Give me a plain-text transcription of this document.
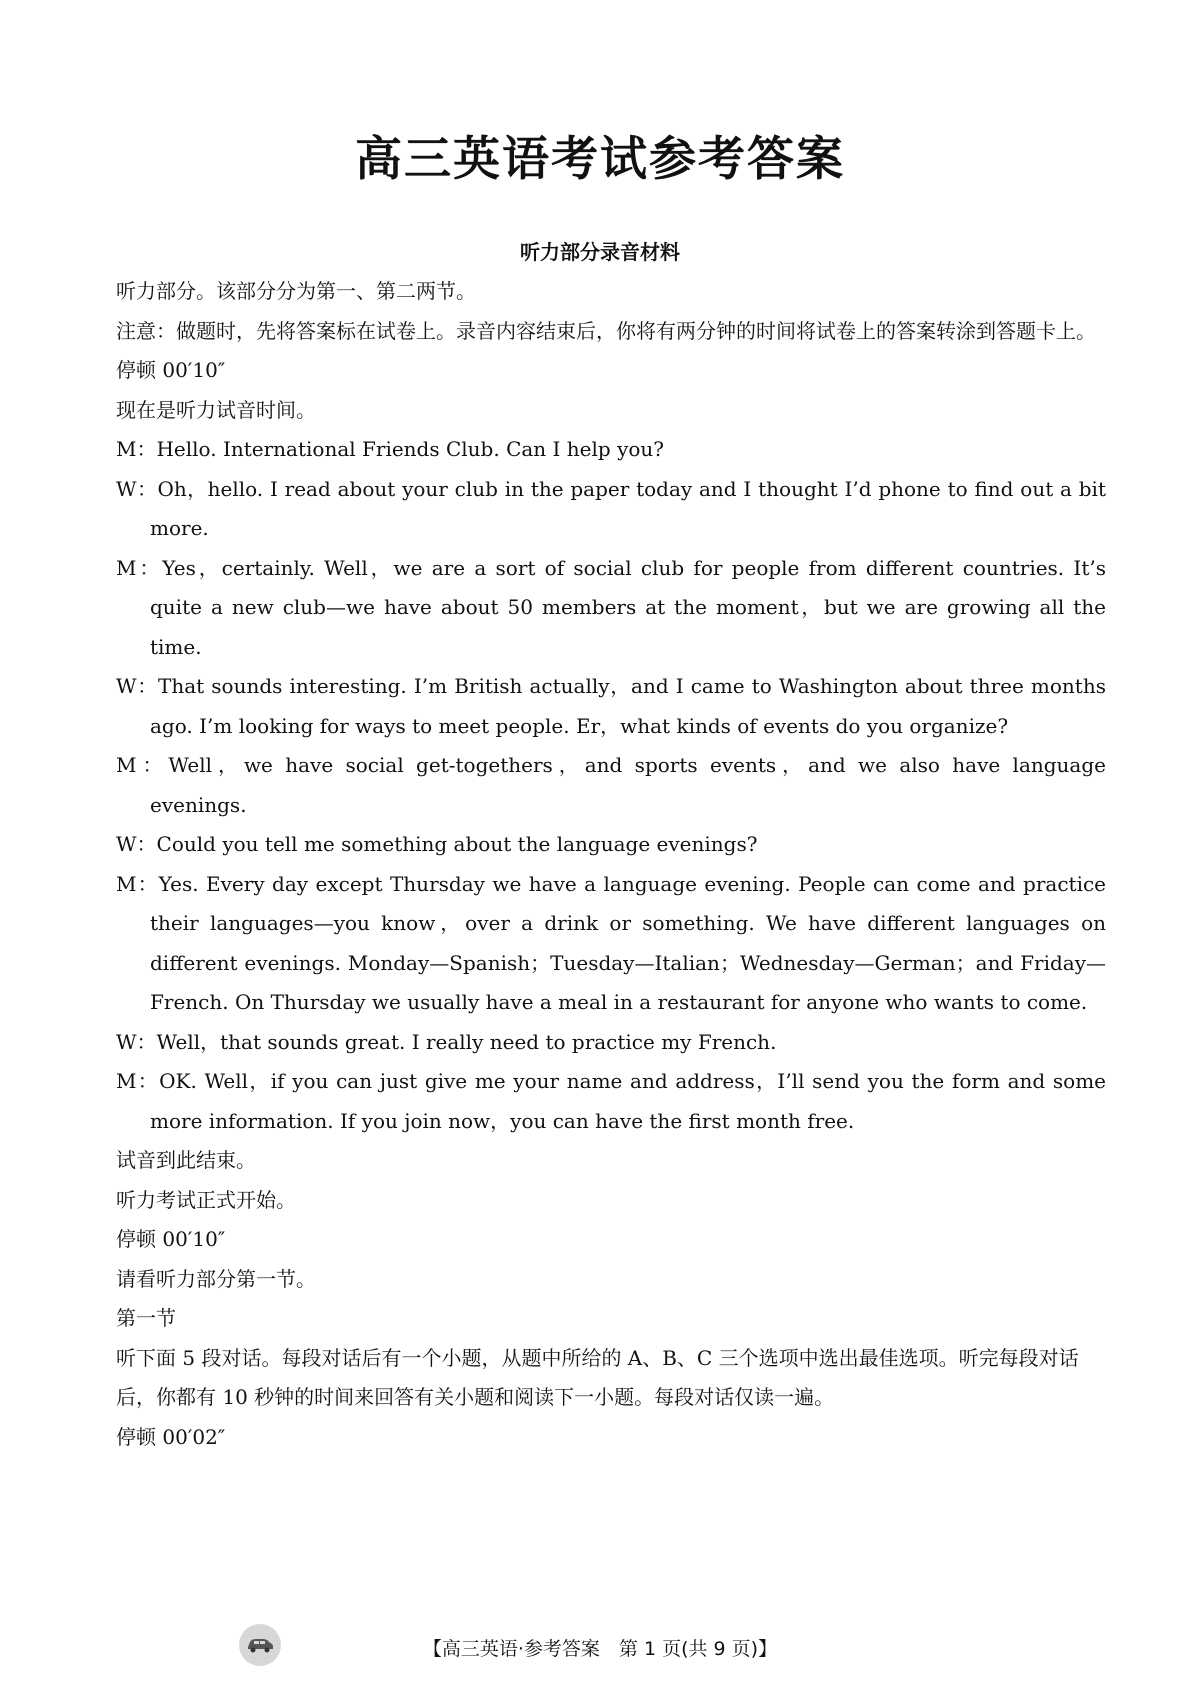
高三英语考试参考答案
听力部分录音材料

听力部分。该部分分为第一、第二两节。

注意：做题时，先将答案标在试卷上。录音内容结束后，你将有两分钟的时间将试卷上的答案转涂到答题卡上。

停顿 00′10″

现在是听力试音时间。

M：Hello. International Friends Club. Can I help you?

W：Oh，hello. I read about your club in the paper today and I thought I’d phone to find out a bit more.

M：Yes，certainly. Well，we are a sort of social club for people from different countries. It’s quite a new club—we have about 50 members at the moment，but we are growing all the time.

W：That sounds interesting. I’m British actually，and I came to Washington about three months ago. I’m looking for ways to meet people. Er，what kinds of events do you organize?

M：Well，we have social get-togethers，and sports events，and we also have language evenings.

W：Could you tell me something about the language evenings?

M：Yes. Every day except Thursday we have a language evening. People can come and practice their languages—you know，over a drink or something. We have different languages on different evenings. Monday—Spanish；Tuesday—Italian；Wednesday—German；and Friday—French. On Thursday we usually have a meal in a restaurant for anyone who wants to come.

W：Well，that sounds great. I really need to practice my French.

M：OK. Well，if you can just give me your name and address，I’ll send you the form and some more information. If you join now，you can have the first month free.

试音到此结束。

听力考试正式开始。

停顿 00′10″

请看听力部分第一节。

第一节

听下面 5 段对话。每段对话后有一个小题，从题中所给的 A、B、C 三个选项中选出最佳选项。听完每段对话后，你都有 10 秒钟的时间来回答有关小题和阅读下一小题。每段对话仅读一遍。

停顿 00′02″

【高三英语·参考答案　第 1 页(共 9 页)】
